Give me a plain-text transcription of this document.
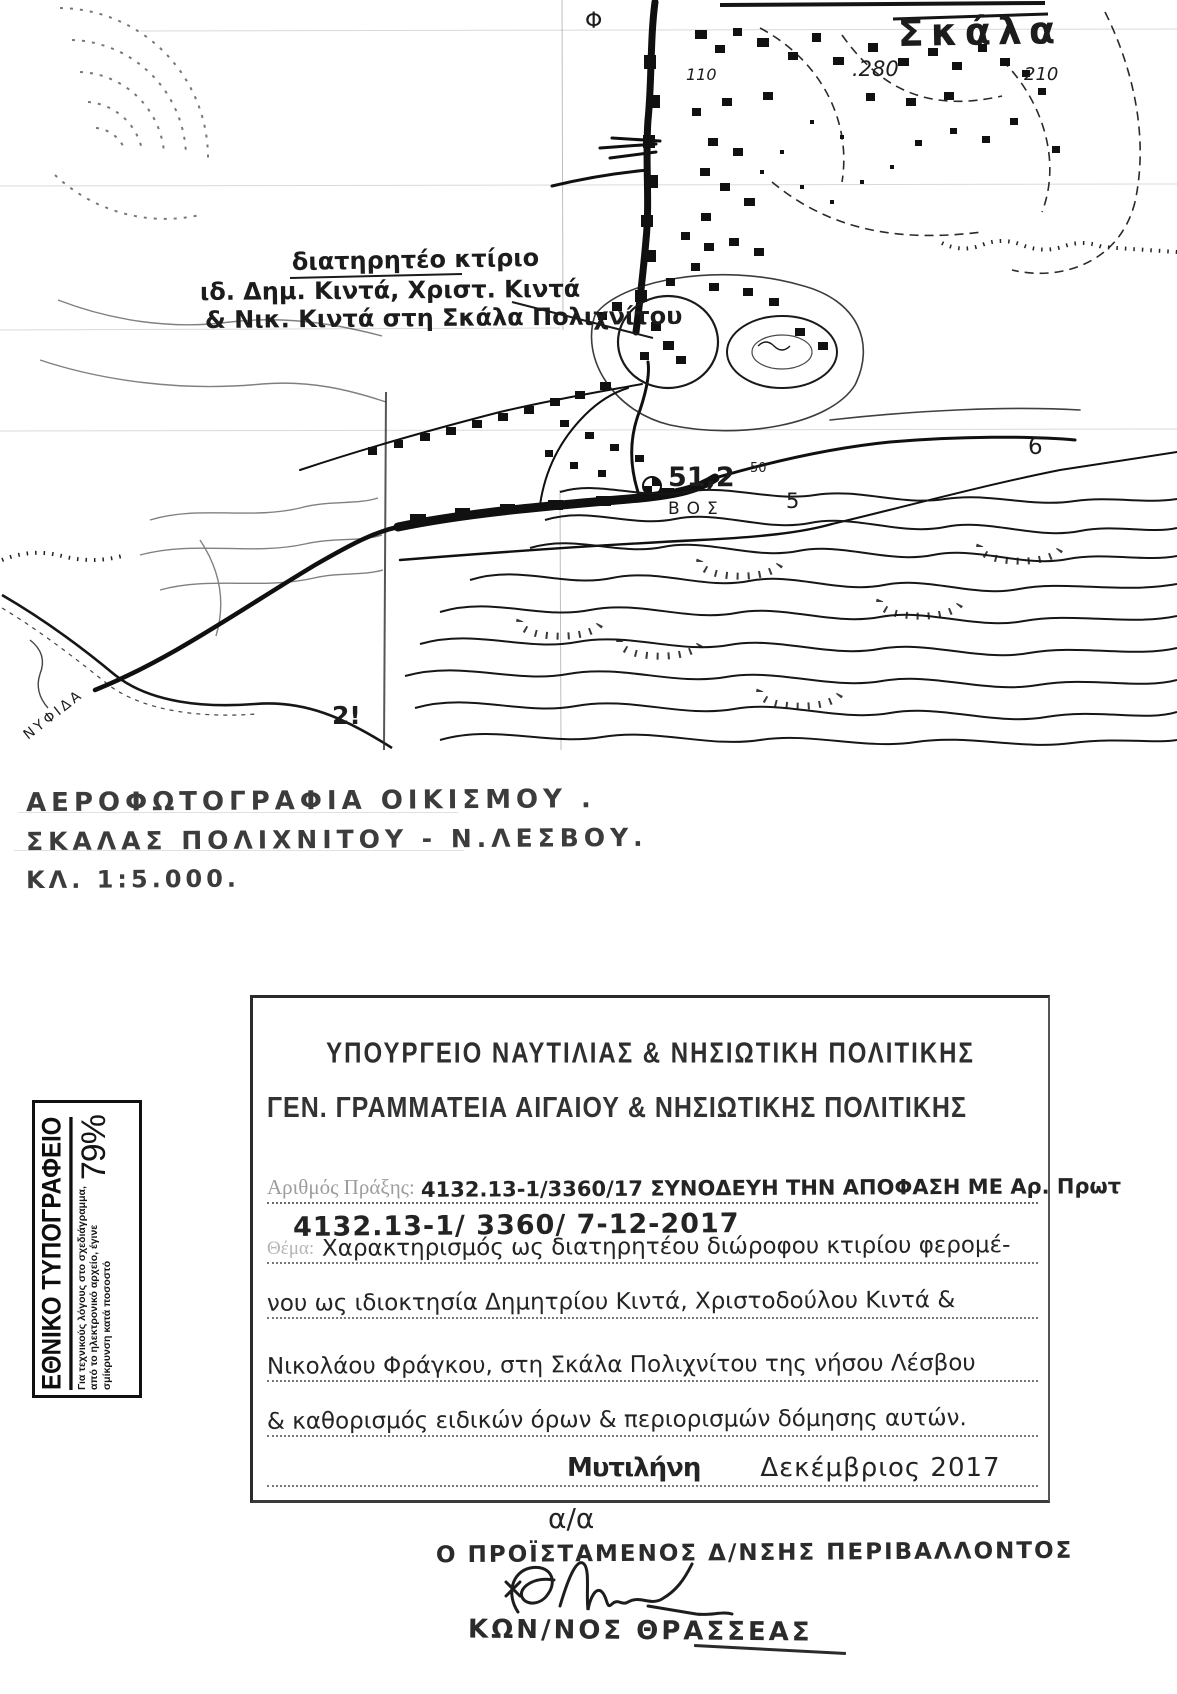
Φ	Σκάλα
.280	210
110
διατηρητέο κτίριο
ιδ. Δημ. Κιντά, Χριστ. Κιντά
& Νικ. Κιντά στη Σκάλα Πολιχνίτου
51,2
ΒΟΣ
50
5
6
2!
ΝΥΦΙΔΑ
ΑΕΡΟΦΩΤΟΓΡΑΦΙΑ ΟΙΚΙΣΜΟΥ .
ΣΚΑΛΑΣ ΠΟΛΙΧΝΙΤΟΥ - Ν.ΛΕΣΒΟΥ.
ΚΛ. 1:5.000.
ΥΠΟΥΡΓΕΙΟ ΝΑΥΤΙΛΙΑΣ & ΝΗΣΙΩΤΙΚΗ ΠΟΛΙΤΙΚΗΣ
ΓΕΝ. ΓΡΑΜΜΑΤΕΙΑ ΑΙΓΑΙΟΥ & ΝΗΣΙΩΤΙΚΗΣ ΠΟΛΙΤΙΚΗΣ
Αριθμός Πράξης: 4132.13-1/3360/17 ΣΥΝΟΔΕΥΗ ΤΗΝ ΑΠΟΦΑΣΗ ΜΕ Αρ. Πρωτ
4132.13-1/ 3360/ 7-12-2017
Θέμα: Χαρακτηρισμός ως διατηρητέου διώροφου κτιρίου φερομέ-
νου ως ιδιοκτησία Δημητρίου Κιντά, Χριστοδούλου Κιντά &
Νικολάου Φράγκου, στη Σκάλα Πολιχνίτου της νήσου Λέσβου
& καθορισμός ειδικών όρων & περιορισμών δόμησης αυτών.
Μυτιλήνη Δεκέμβριος 2017
α/α
Ο ΠΡΟΪΣΤΑΜΕΝΟΣ Δ/ΝΣΗΣ ΠΕΡΙΒΑΛΛΟΝΤΟΣ
ΚΩΝ/ΝΟΣ ΘΡΑΣΣΕΑΣ
ΕΘΝΙΚΟ ΤΥΠΟΓΡΑΦΕΙΟ Για τεχνικούς λόγους στο σχεδιάγραμμα, από το ηλεκτρονικό αρχείο, έγινε σμίκρυνση κατά ποσοστό
79%
